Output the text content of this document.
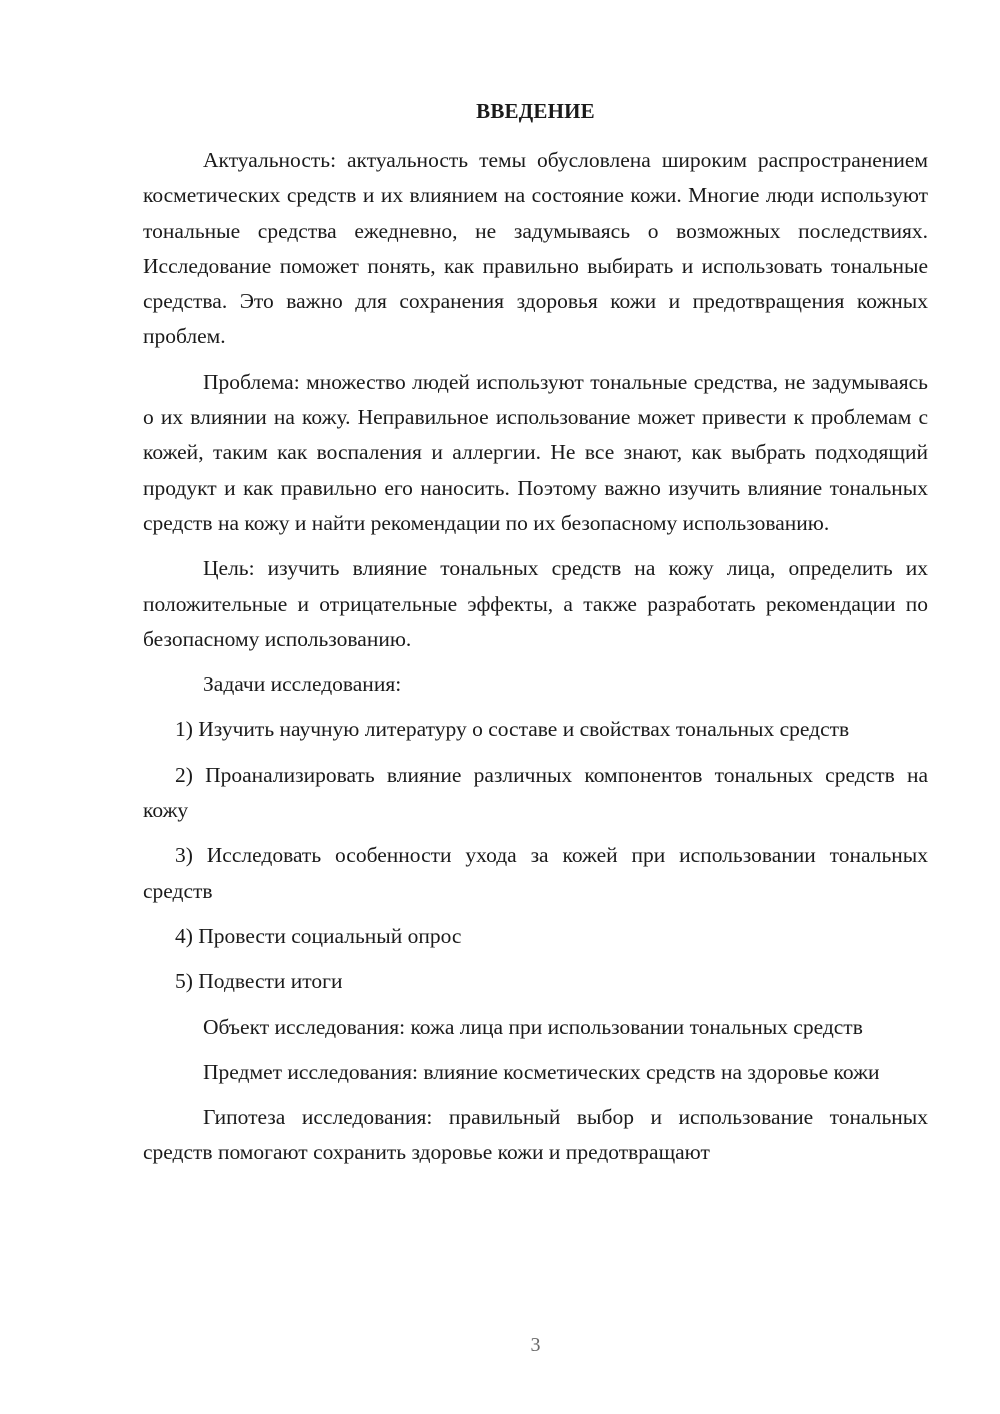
ВВЕДЕНИЕ

Актуальность: актуальность темы обусловлена широким распространением косметических средств и их влиянием на состояние кожи. Многие люди используют тональные средства ежедневно, не задумываясь о возможных последствиях. Исследование поможет понять, как правильно выбирать и использовать тональные средства. Это важно для сохранения здоровья кожи и предотвращения кожных проблем.

Проблема: множество людей используют тональные средства, не задумываясь о их влиянии на кожу. Неправильное использование может привести к проблемам с кожей, таким как воспаления и аллергии. Не все знают, как выбрать подходящий продукт и как правильно его наносить. Поэтому важно изучить влияние тональных средств на кожу и найти рекомендации по их безопасному использованию.

Цель: изучить влияние тональных средств на кожу лица, определить их положительные и отрицательные эффекты, а также разработать рекомендации по безопасному использованию.

Задачи исследования:

1) Изучить научную литературу о составе и свойствах тональных средств

2) Проанализировать влияние различных компонентов тональных средств на кожу

3) Исследовать особенности ухода за кожей при использовании тональных средств

4) Провести социальный опрос

5) Подвести итоги

Объект исследования: кожа лица при использовании тональных средств

Предмет исследования: влияние косметических средств на здоровье кожи

Гипотеза исследования: правильный выбор и использование тональных средств помогают сохранить здоровье кожи и предотвращают

3
